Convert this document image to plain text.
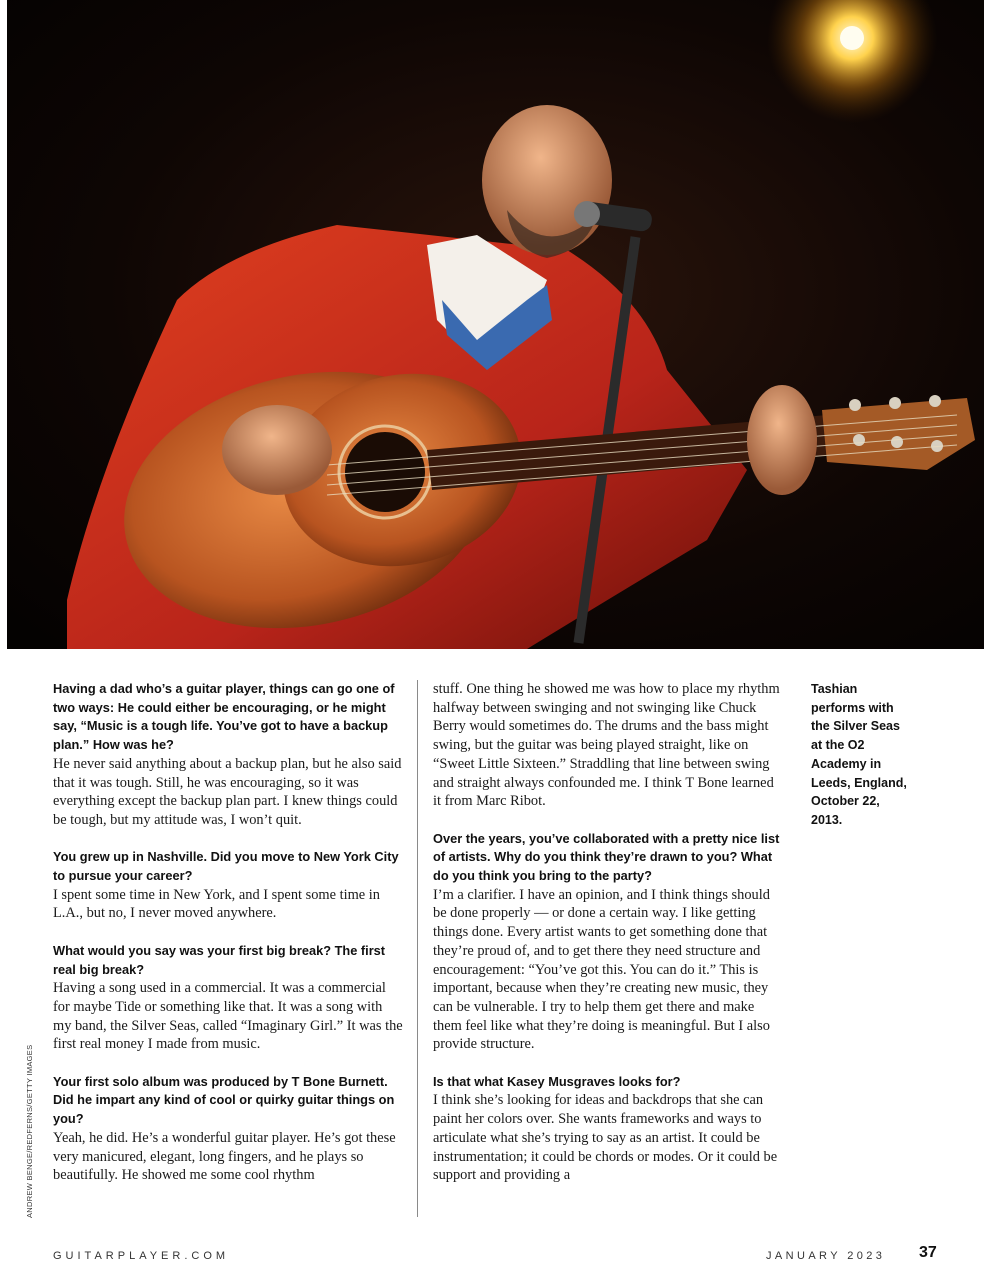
Having a dad who’s a guitar player, things can go one of two ways: He could either be encouraging, or he might say, “Music is a tough life. You’ve got to have a backup plan.” How was he?
He never said anything about a backup plan, but he also said that it was tough. Still, he was encouraging, so it was everything except the backup plan part. I knew things could be tough, but my attitude was, I won’t quit.
You grew up in Nashville. Did you move to New York City to pursue your career?
I spent some time in New York, and I spent some time in L.A., but no, I never moved anywhere.
What would you say was your first big break? The first real big break?
Having a song used in a commercial. It was a commercial for maybe Tide or something like that. It was a song with my band, the Silver Seas, called “Imaginary Girl.” It was the first real money I made from music.
Your first solo album was produced by T Bone Burnett. Did he impart any kind of cool or quirky guitar things on you?
Yeah, he did. He’s a wonderful guitar player. He’s got these very manicured, elegant, long fingers, and he plays so beautifully. He showed me some cool rhythm
stuff. One thing he showed me was how to place my rhythm halfway between swinging and not swinging like Chuck Berry would sometimes do. The drums and the bass might swing, but the guitar was being played straight, like on “Sweet Little Sixteen.” Straddling that line between swing and straight always confounded me. I think T Bone learned it from Marc Ribot.
Over the years, you’ve collaborated with a pretty nice list of artists. Why do you think they’re drawn to you? What do you think you bring to the party?
I’m a clarifier. I have an opinion, and I think things should be done properly — or done a certain way. I like getting things done. Every artist wants to get something done that they’re proud of, and to get there they need structure and encouragement: “You’ve got this. You can do it.” This is important, because when they’re creating new music, they can be vulnerable. I try to help them get there and make them feel like what they’re doing is meaningful. But I also provide structure.
Is that what Kasey Musgraves looks for?
I think she’s looking for ideas and backdrops that she can paint her colors over. She wants frameworks and ways to articulate what she’s trying to say as an artist. It could be instrumentation; it could be chords or modes. Or it could be support and providing a
Tashian performs with the Silver Seas at the O2 Academy in Leeds, England, October 22, 2013.
ANDREW BENGE/REDFERNS/GETTY IMAGES
GUITARPLAYER.COM	JANUARY 2023 37
